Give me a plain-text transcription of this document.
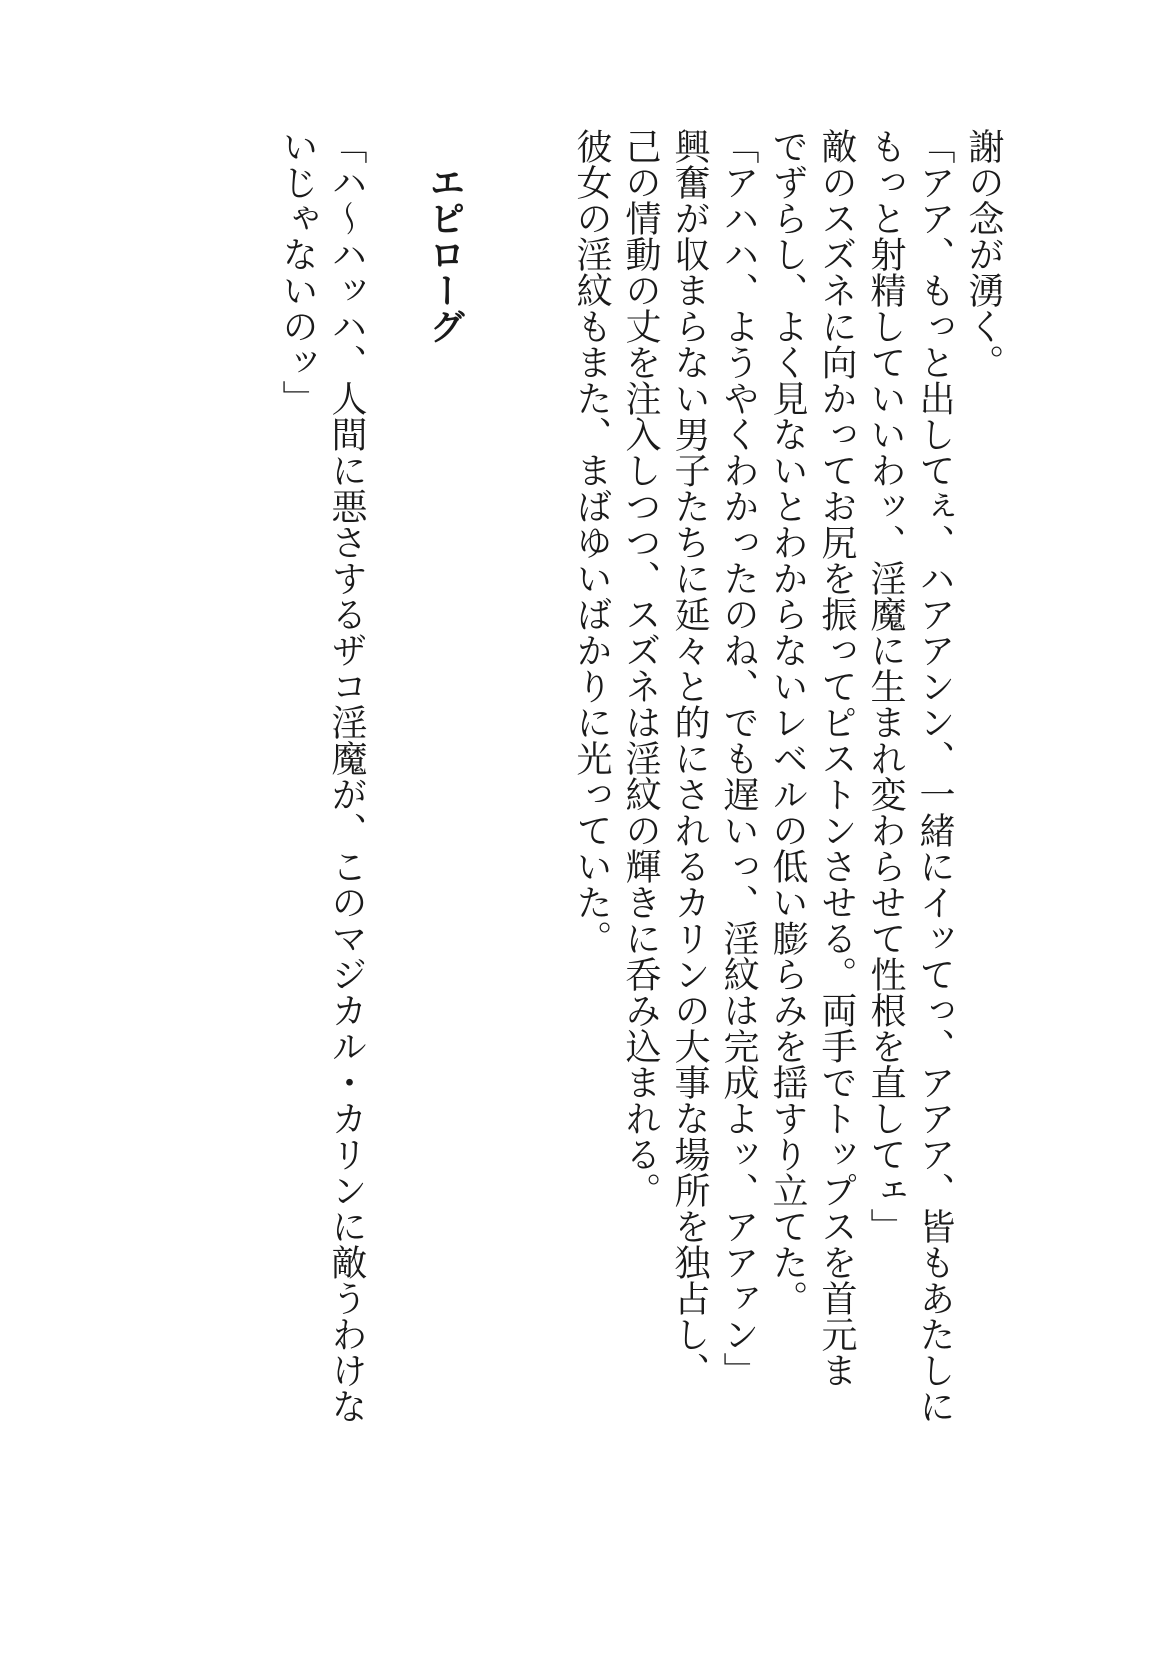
謝の念が湧く。
「アア、もっと出してぇ、ハアアンン、一緒にイッてっ、アアア、皆もあたしに
もっと射精していいわッ、淫魔に生まれ変わらせて性根を直してェ」
敵のスズネに向かってお尻を振ってピストンさせる。両手でトップスを首元ま
でずらし、よく見ないとわからないレベルの低い膨らみを揺すり立てた。
「アハハ、ようやくわかったのね、でも遅いっ、淫紋は完成よッ、アアァン」
興奮が収まらない男子たちに延々と的にされるカリンの大事な場所を独占し、
己の情動の丈を注入しつつ、スズネは淫紋の輝きに呑み込まれる。
彼女の淫紋もまた、まばゆいばかりに光っていた。
エピローグ
「ハ〜ハッハ、人間に悪さするザコ淫魔が、このマジカル・カリンに敵うわけな
いじゃないのッ」
